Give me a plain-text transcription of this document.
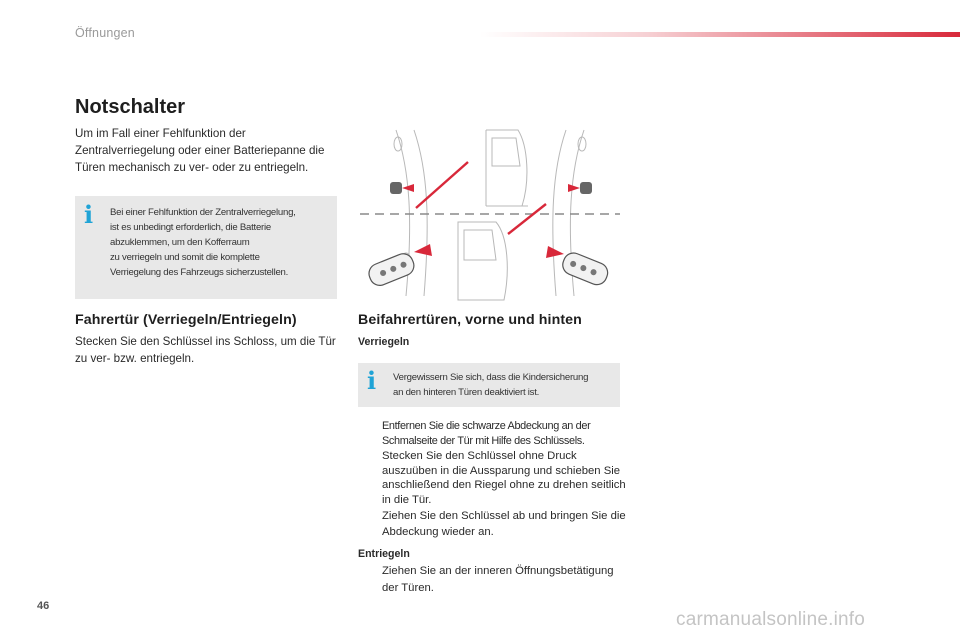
Öffnungen
Notschalter

Um im Fall einer Fehlfunktion der Zentralverriegelung oder einer Batteriepanne die Türen mechanisch zu ver- oder zu entriegeln.

i Bei einer Fehlfunktion der Zentralverriegelung,
ist es unbedingt erforderlich, die Batterie
abzuklemmen, um den Kofferraum
zu verriegeln und somit die komplette
Verriegelung des Fahrzeugs sicherzustellen.
Fahrertür (Verriegeln/Entriegeln)

Stecken Sie den Schlüssel ins Schloss, um die Tür zu ver- bzw. entriegeln.

Beifahrertüren, vorne und hinten
Verriegeln
i Vergewissern Sie sich, dass die Kindersicherung
an den hinteren Türen deaktiviert ist.
Entfernen Sie die schwarze Abdeckung an der Schmalseite der Tür mit Hilfe des Schlüssels.
Stecken Sie den Schlüssel ohne Druck auszuüben in die Aussparung und schieben Sie anschließend den Riegel ohne zu drehen seitlich in die Tür.
Ziehen Sie den Schlüssel ab und bringen Sie die Abdeckung wieder an.
Entriegeln
Ziehen Sie an der inneren Öffnungsbetätigung der Türen.
46
carmanualsonline.info
